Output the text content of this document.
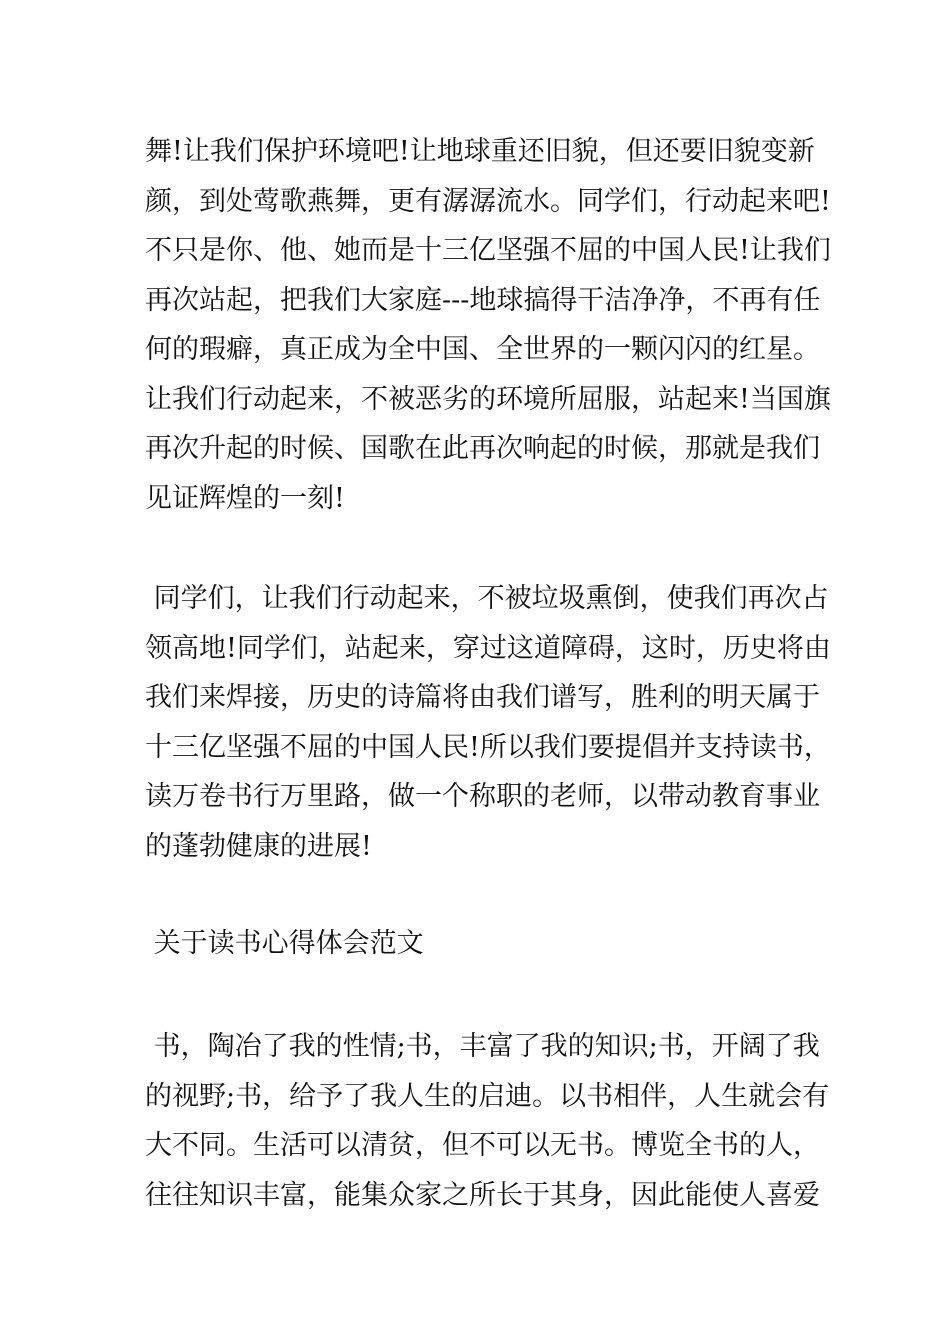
舞!让我们保护环境吧!让地球重还旧貌，但还要旧貌变新
颜，到处莺歌燕舞，更有潺潺流水。同学们，行动起来吧!
不只是你、他、她而是十三亿坚强不屈的中国人民!让我们
再次站起，把我们大家庭---地球搞得干洁净净，不再有任
何的瑕癖，真正成为全中国、全世界的一颗闪闪的红星。
让我们行动起来，不被恶劣的环境所屈服，站起来!当国旗
再次升起的时候、国歌在此再次响起的时候，那就是我们
见证辉煌的一刻!
同学们，让我们行动起来，不被垃圾熏倒，使我们再次占
领高地!同学们，站起来，穿过这道障碍，这时，历史将由
我们来焊接，历史的诗篇将由我们谱写，胜利的明天属于
十三亿坚强不屈的中国人民!所以我们要提倡并支持读书，
读万卷书行万里路，做一个称职的老师，以带动教育事业
的蓬勃健康的进展!
关于读书心得体会范文
书，陶冶了我的性情;书，丰富了我的知识;书，开阔了我
的视野;书，给予了我人生的启迪。以书相伴，人生就会有
大不同。生活可以清贫，但不可以无书。博览全书的人，
往往知识丰富，能集众家之所长于其身，因此能使人喜爱
